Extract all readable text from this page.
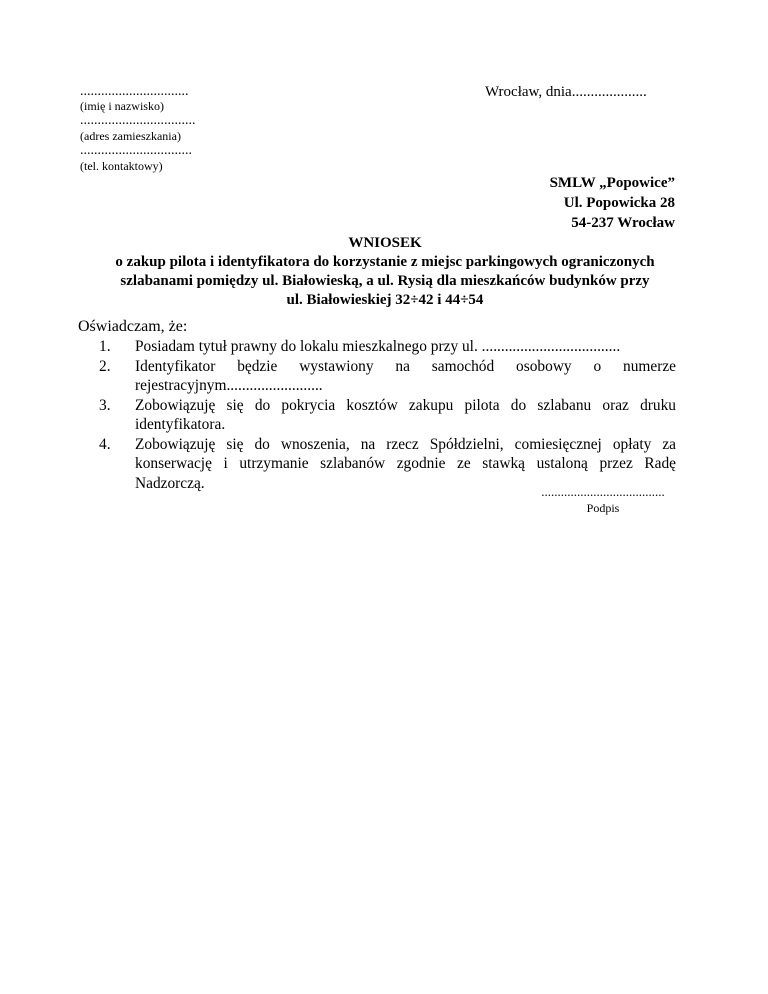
...............................
(imię i nazwisko)
.................................
(adres zamieszkania)
................................
(tel. kontaktowy)
Wrocław, dnia....................
SMLW „Popowice”
Ul. Popowicka 28
54-237 Wrocław
WNIOSEK
o zakup pilota i identyfikatora do korzystanie z miejsc parkingowych ograniczonych
szlabanami pomiędzy ul. Białowieską, a ul. Rysią dla mieszkańców budynków przy
ul. Białowieskiej 32÷42 i 44÷54
Oświadczam, że:
1. Posiadam tytuł prawny do lokalu mieszkalnego przy ul. ....................................
2. Identyfikator będzie wystawiony na samochód osobowy o numerze rejestracyjnym.........................
3. Zobowiązuję się do pokrycia kosztów zakupu pilota do szlabanu oraz druku identyfikatora.
4. Zobowiązuję się do wnoszenia, na rzecz Spółdzielni, comiesięcznej opłaty za konserwację i utrzymanie szlabanów zgodnie ze stawką ustaloną przez Radę Nadzorczą.	......................................
Podpis
